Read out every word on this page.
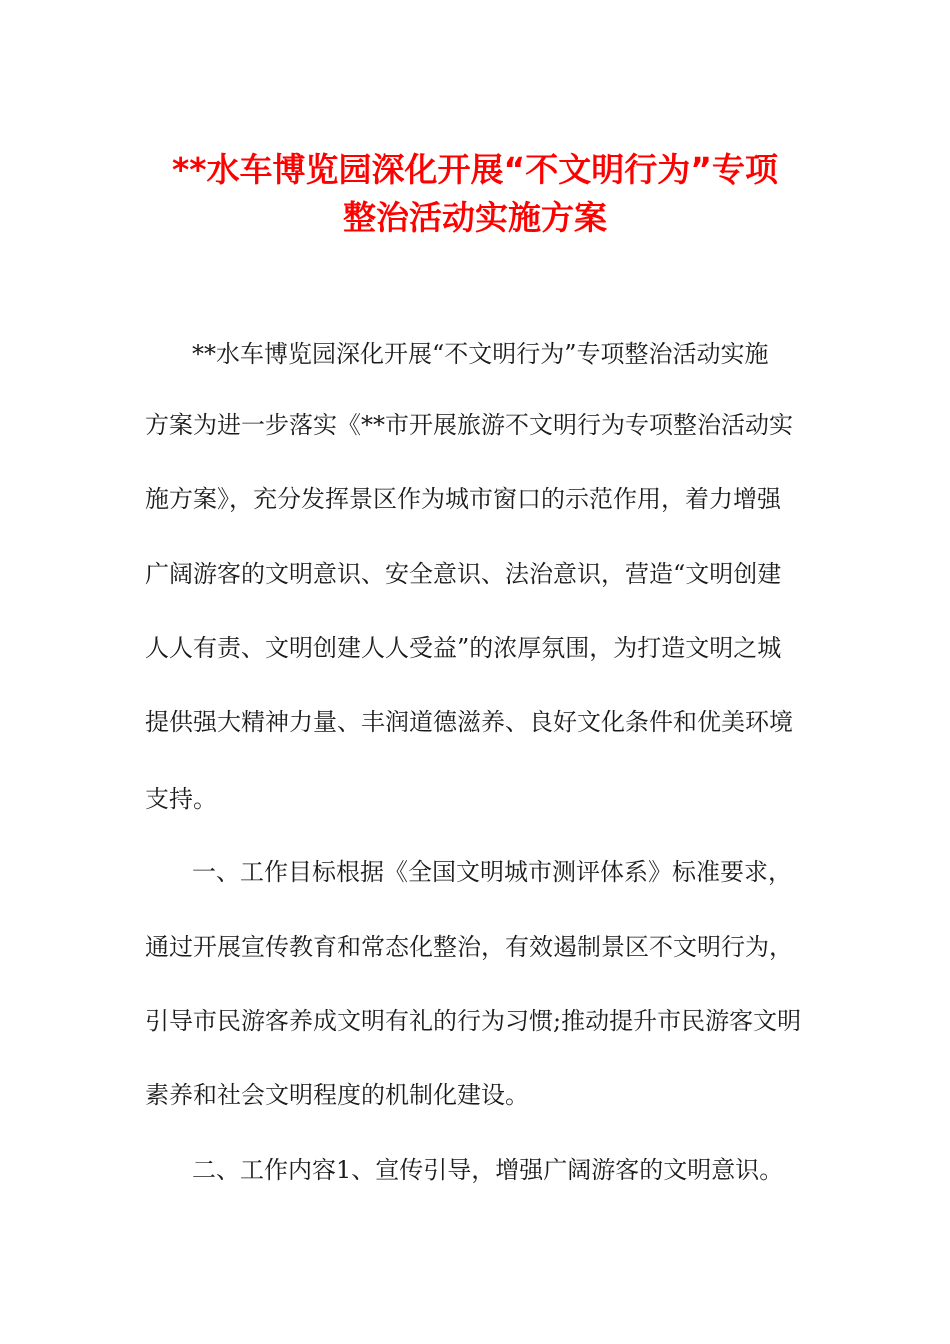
**水车博览园深化开展“不文明行为”专项
整治活动实施方案

**水车博览园深化开展“不文明行为”专项整治活动实施

方案为进一步落实《**市开展旅游不文明行为专项整治活动实

施方案》，充分发挥景区作为城市窗口的示范作用，着力增强

广阔游客的文明意识、安全意识、法治意识，营造“文明创建

人人有责、文明创建人人受益”的浓厚氛围，为打造文明之城

提供强大精神力量、丰润道德滋养、良好文化条件和优美环境

支持。

一、工作目标根据《全国文明城市测评体系》标准要求，

通过开展宣传教育和常态化整治，有效遏制景区不文明行为，

引导市民游客养成文明有礼的行为习惯;推动提升市民游客文明

素养和社会文明程度的机制化建设。

二、工作内容1、宣传引导，增强广阔游客的文明意识。
